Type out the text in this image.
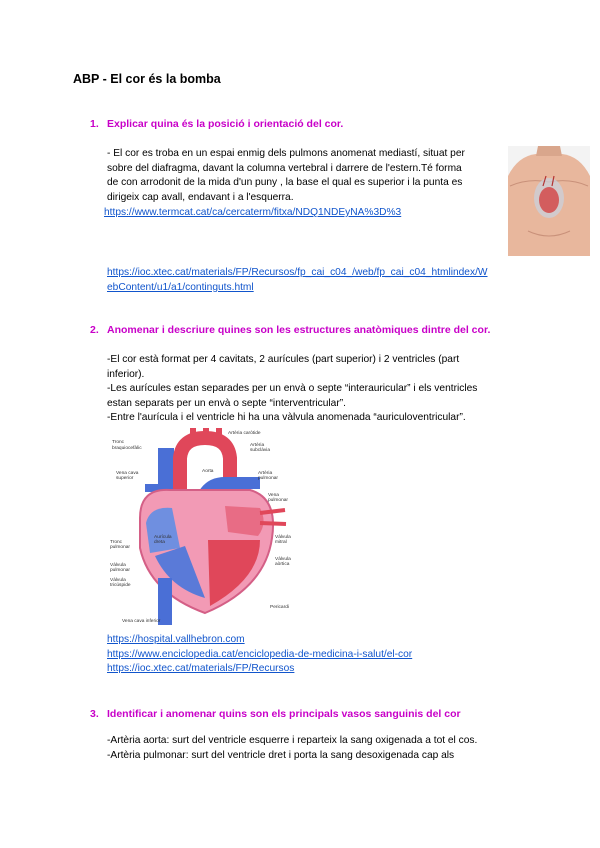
ABP - El cor és la bomba
1. Explicar quina és la posició i orientació del cor.
- El cor es troba en un espai enmig dels pulmons anomenat mediastí, situat per
sobre del diafragma, davant la columna vertebral i darrere de l'estern.Té forma
de con arrodonit de la mida d'un puny , la base el qual es superior i la punta es
dirigeix cap avall, endavant i a l'esquerra.
https://www.termcat.cat/ca/cercaterm/fitxa/NDQ1NDEyNA%3D%3
https://ioc.xtec.cat/materials/FP/Recursos/fp_cai_c04_/web/fp_cai_c04_htmlindex/W
ebContent/u1/a1/continguts.html
2. Anomenar i descriure quines son les estructures anatòmiques dintre del cor.
-El cor està format per 4 cavitats, 2 aurícules (part superior) i 2 ventricles (part
inferior).
-Les aurícules estan separades per un envà o septe “interauricular” i els ventricles
estan separats per un envà o septe “interventricular”.
-Entre l'aurícula i el ventricle hi ha una vàlvula anomenada “auriculoventricular”.
Artèria caròtide
Tronc
braquiocefàlic
Artèria
subclàvia
Vena cava
superior
Aorta	Artèria
pulmonar
Vena
pulmonar
Tronc
pulmonar
Vàlvula
mitral
Aurícula
dreta
Vàlvula
aòrtica
Vàlvula
pulmonar
Vàlvula
tricúspide
Vena cava inferior
Pericardi
https://hospital.vallhebron.com
https://www.enciclopedia.cat/enciclopedia-de-medicina-i-salut/el-cor
https://ioc.xtec.cat/materials/FP/Recursos
3. Identificar i anomenar quins son els principals vasos sanguinis del cor
-Artèria aorta: surt del ventricle esquerre i reparteix la sang oxigenada a tot el cos.
-Artèria pulmonar: surt del ventricle dret i porta la sang desoxigenada cap als
